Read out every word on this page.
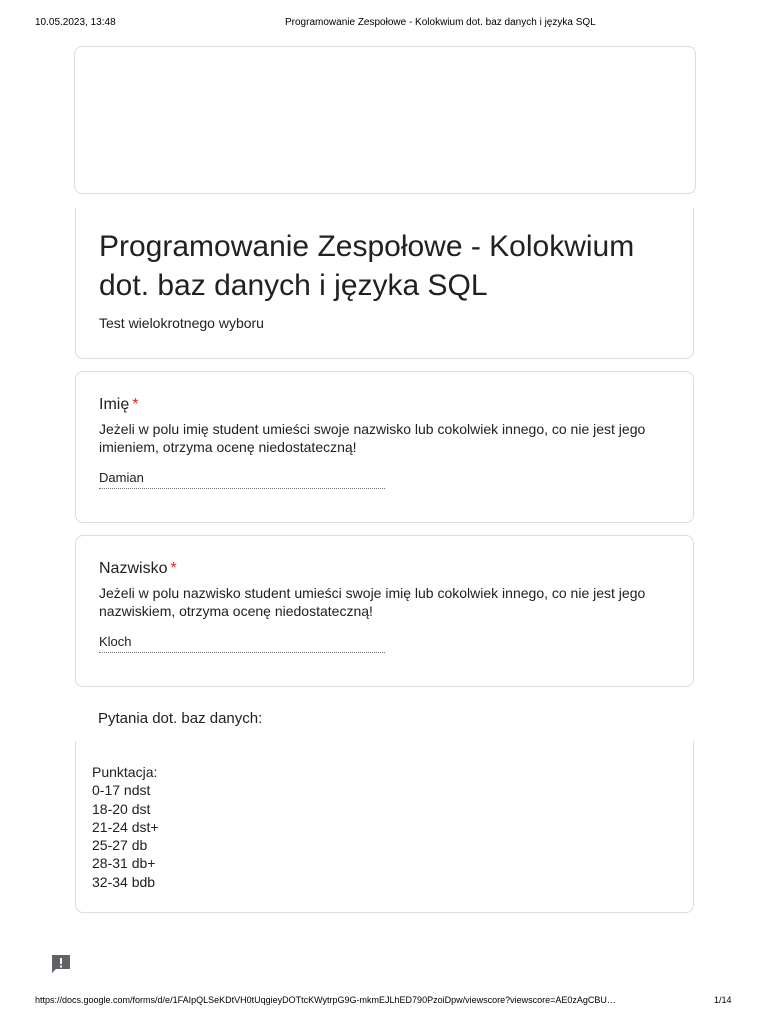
10.05.2023, 13:48	Programowanie Zespołowe - Kolokwium dot. baz danych i języka SQL
Programowanie Zespołowe - Kolokwium dot. baz danych i języka SQL
Test wielokrotnego wyboru
Imię *
Jeżeli w polu imię student umieści swoje nazwisko lub cokolwiek innego, co nie jest jego imieniem, otrzyma ocenę niedostateczną!
Damian
Nazwisko *
Jeżeli w polu nazwisko student umieści swoje imię lub cokolwiek innego, co nie jest jego nazwiskiem, otrzyma ocenę niedostateczną!
Kloch
Pytania dot. baz danych:
Punktacja:
0-17 ndst
18-20 dst
21-24 dst+
25-27 db
28-31 db+
32-34 bdb
https://docs.google.com/forms/d/e/1FAIpQLSeKDtVH0tUqgieyDOTtcKWytrpG9G-mkmEJLhED790PzoiDpw/viewscore?viewscore=AE0zAgCBU…	1/14
